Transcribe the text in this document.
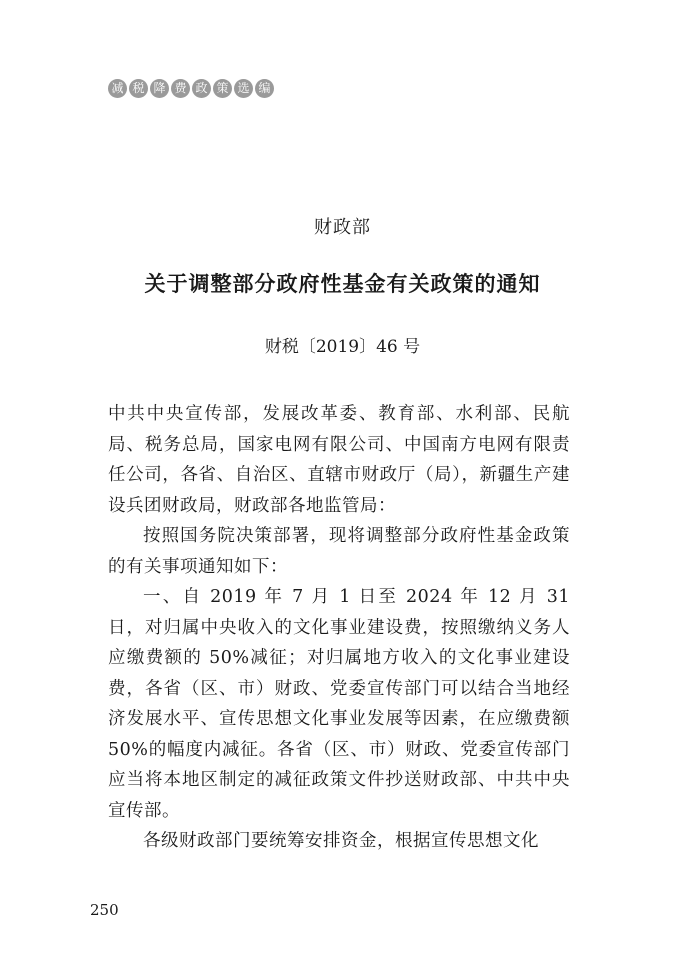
减 税 降 费 政 策 选 编
财政部
关于调整部分政府性基金有关政策的通知
财税〔2019〕46 号

中共中央宣传部，发展改革委、教育部、水利部、民航局、税务总局，国家电网有限公司、中国南方电网有限责任公司，各省、自治区、直辖市财政厅（局），新疆生产建设兵团财政局，财政部各地监管局：

按照国务院决策部署，现将调整部分政府性基金政策的有关事项通知如下：

一、自 2019 年 7 月 1 日至 2024 年 12 月 31 日，对归属中央收入的文化事业建设费，按照缴纳义务人应缴费额的 50%减征；对归属地方收入的文化事业建设费，各省（区、市）财政、党委宣传部门可以结合当地经济发展水平、宣传思想文化事业发展等因素，在应缴费额 50%的幅度内减征。各省（区、市）财政、党委宣传部门应当将本地区制定的减征政策文件抄送财政部、中共中央宣传部。

各级财政部门要统筹安排资金，根据宣传思想文化

250
